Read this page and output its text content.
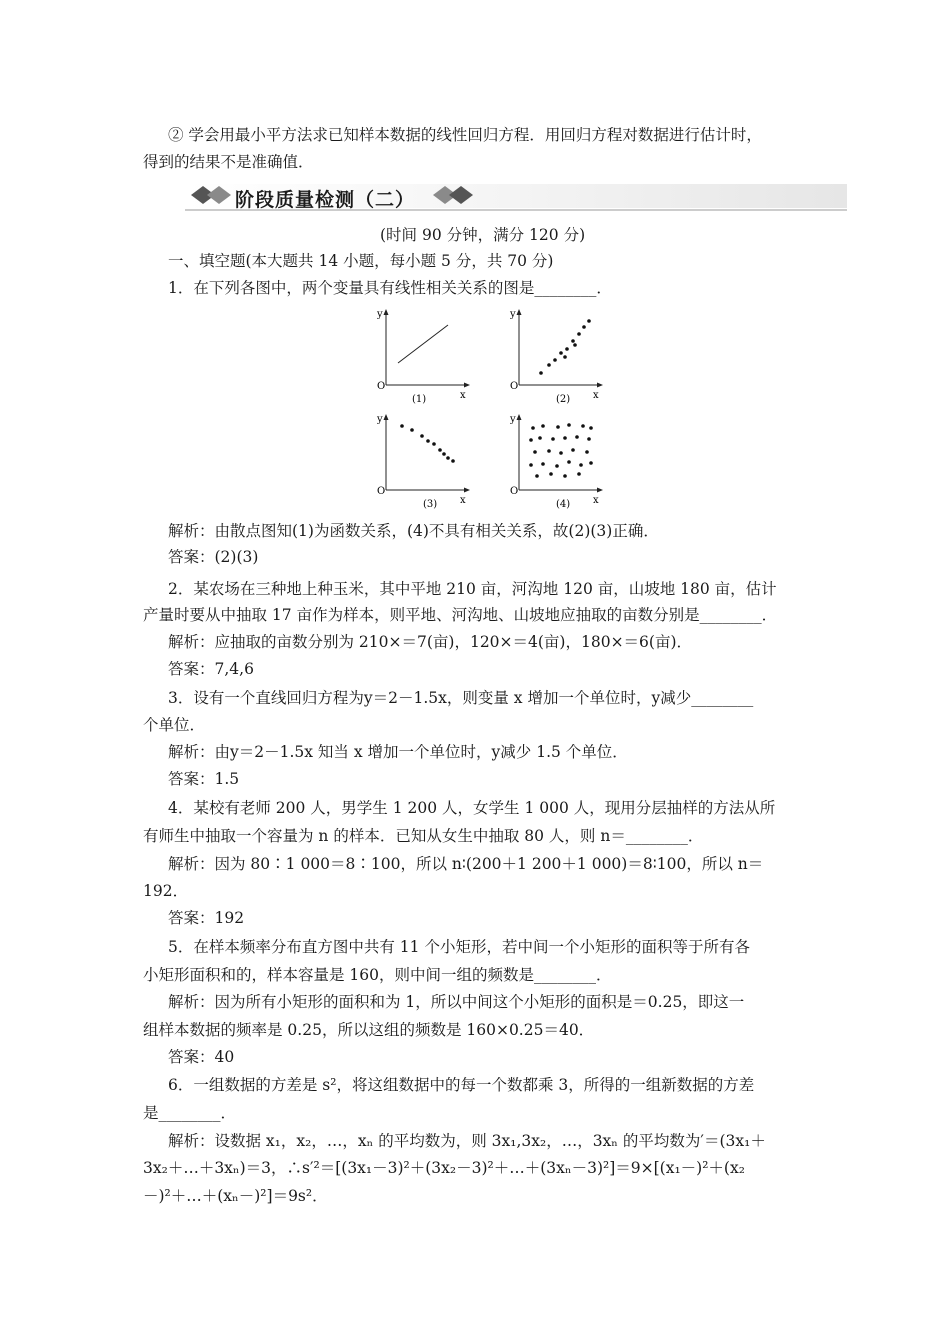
② 学会用最小平方法求已知样本数据的线性回归方程．用回归方程对数据进行估计时，
得到的结果不是准确值．
阶段质量检测（二）
(时间 90 分钟，满分 120 分)
一、填空题(本大题共 14 小题，每小题 5 分，共 70 分)
1．在下列各图中，两个变量具有线性相关关系的图是________．
y
O
x
(1)
y
O
x
(2)
y
O
x
(3)
y
O
x
(4)
解析：由散点图知(1)为函数关系，(4)不具有相关关系，故(2)(3)正确．
答案：(2)(3)
2．某农场在三种地上种玉米，其中平地 210 亩，河沟地 120 亩，山坡地 180 亩，估计
产量时要从中抽取 17 亩作为样本，则平地、河沟地、山坡地应抽取的亩数分别是________．
解析：应抽取的亩数分别为 210×＝7(亩)，120×＝4(亩)，180×＝6(亩)．
答案：7,4,6
3．设有一个直线回归方程为y＝2－1.5x，则变量 x 增加一个单位时，y减少________
个单位．
解析：由y＝2－1.5x 知当 x 增加一个单位时，y减少 1.5 个单位．
答案：1.5
4．某校有老师 200 人，男学生 1 200 人，女学生 1 000 人，现用分层抽样的方法从所
有师生中抽取一个容量为 n 的样本．已知从女生中抽取 80 人，则 n＝________．
解析：因为 80∶1 000＝8∶100，所以 n∶(200＋1 200＋1 000)＝8∶100，所以 n＝
192．
答案：192
5．在样本频率分布直方图中共有 11 个小矩形，若中间一个小矩形的面积等于所有各
小矩形面积和的，样本容量是 160，则中间一组的频数是________．
解析：因为所有小矩形的面积和为 1，所以中间这个小矩形的面积是＝0.25，即这一
组样本数据的频率是 0.25，所以这组的频数是 160×0.25＝40．
答案：40
6．一组数据的方差是 s²，将这组数据中的每一个数都乘 3，所得的一组新数据的方差
是________．
解析：设数据 x₁，x₂，…，xₙ 的平均数为，则 3x₁,3x₂，…，3xₙ 的平均数为′＝(3x₁＋
3x₂＋…＋3xₙ)＝3，∴s′²＝[(3x₁－3)²＋(3x₂－3)²＋…＋(3xₙ－3)²]＝9×[(x₁－)²＋(x₂
－)²＋…＋(xₙ－)²]＝9s²．
